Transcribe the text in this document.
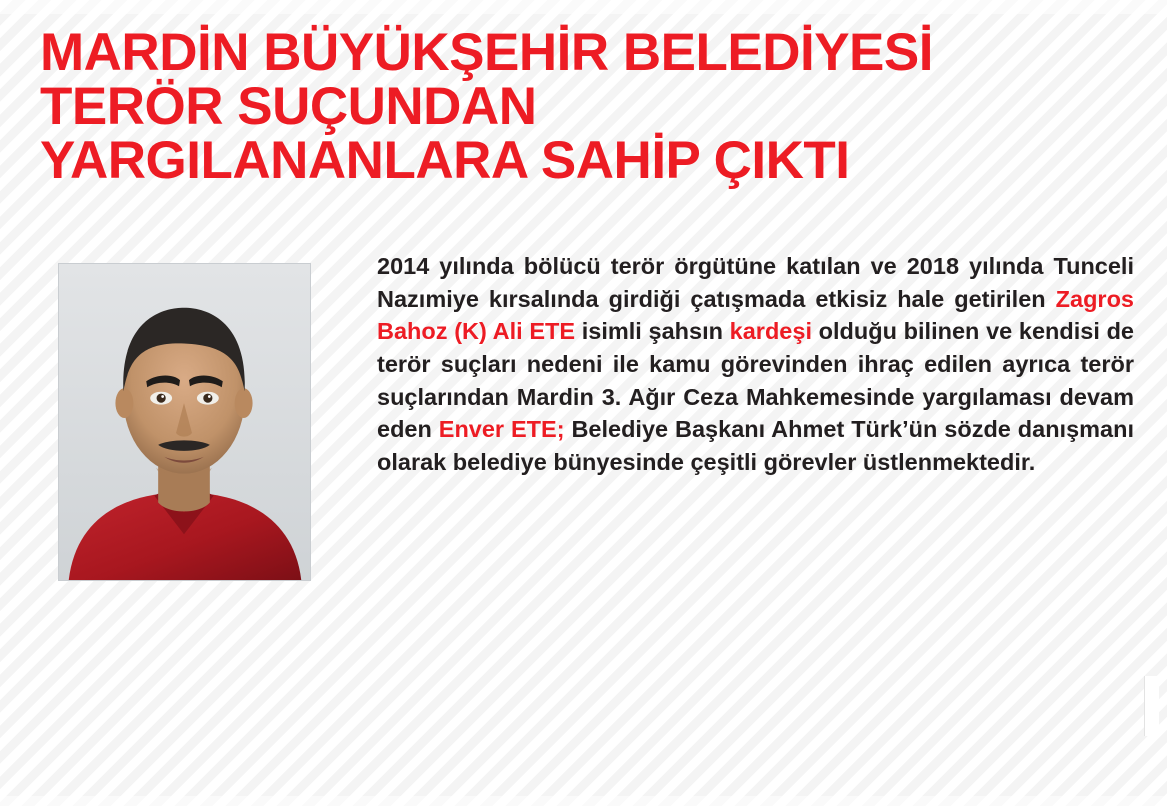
MARDİN BÜYÜKŞEHİR BELEDİYESİ
TERÖR SUÇUNDAN
YARGILANANLARA SAHİP ÇIKTI
2014 yılında bölücü terör örgütüne katılan ve 2018 yılında Tunceli Nazımiye kırsalında girdiği çatışmada etkisiz hale getirilen Zagros Bahoz (K) Ali ETE isimli şahsın kardeşi olduğu bilinen ve kendisi de terör suçları nedeni ile kamu görevinden ihraç edilen ayrıca terör suçlarından Mardin 3. Ağır Ceza Mahkemesinde yargılaması devam eden Enver ETE; Belediye Başkanı Ahmet Türk’ün sözde danışmanı olarak belediye bünyesinde çeşitli görevler üstlenmektedir.
